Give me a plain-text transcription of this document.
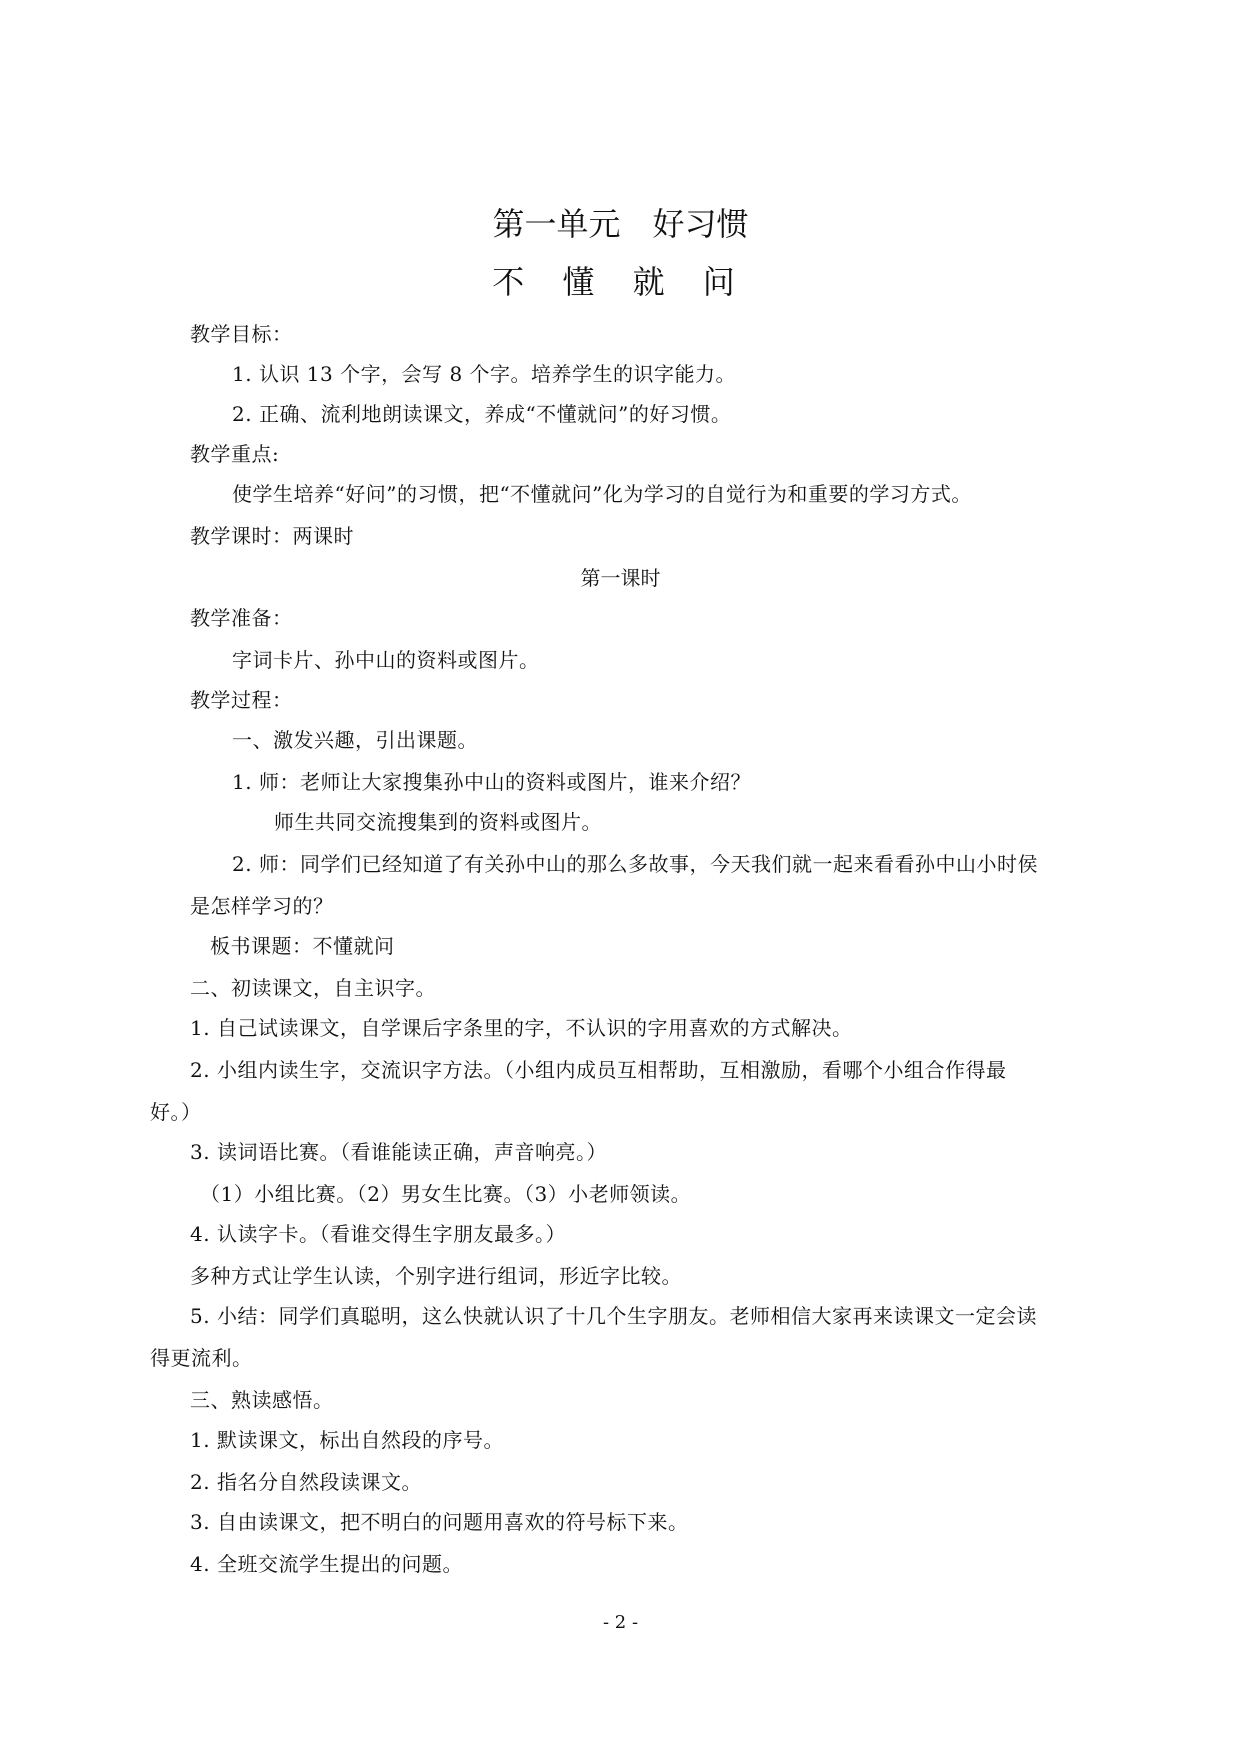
第一单元　好习惯
不 懂 就 问
教学目标：
1. 认识 13 个字，会写 8 个字。培养学生的识字能力。
2. 正确、流利地朗读课文，养成“不懂就问”的好习惯。
教学重点:
使学生培养“好问”的习惯，把“不懂就问”化为学习的自觉行为和重要的学习方式。
教学课时：两课时
第一课时
教学准备：
字词卡片、孙中山的资料或图片。
教学过程：
一、激发兴趣，引出课题。
1. 师：老师让大家搜集孙中山的资料或图片，谁来介绍？
师生共同交流搜集到的资料或图片。
2. 师：同学们已经知道了有关孙中山的那么多故事，今天我们就一起来看看孙中山小时侯
是怎样学习的？
板书课题：不懂就问
二、初读课文，自主识字。
1. 自己试读课文，自学课后字条里的字，不认识的字用喜欢的方式解决。
2. 小组内读生字，交流识字方法。（小组内成员互相帮助，互相激励，看哪个小组合作得最
好。）
3. 读词语比赛。（看谁能读正确，声音响亮。）
（1）小组比赛。（2）男女生比赛。（3）小老师领读。
4. 认读字卡。（看谁交得生字朋友最多。）
多种方式让学生认读，个别字进行组词，形近字比较。
5. 小结：同学们真聪明，这么快就认识了十几个生字朋友。老师相信大家再来读课文一定会读
得更流利。
三、熟读感悟。
1. 默读课文，标出自然段的序号。
2. 指名分自然段读课文。
3. 自由读课文，把不明白的问题用喜欢的符号标下来。
4. 全班交流学生提出的问题。
- 2 -
